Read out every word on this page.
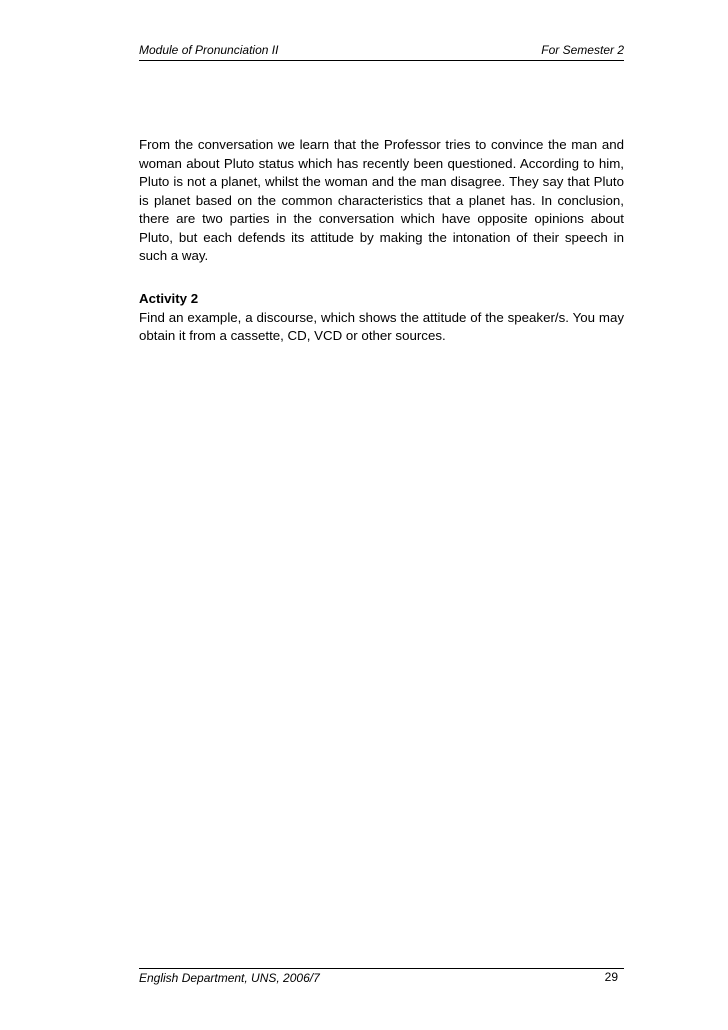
Module of Pronunciation II	For Semester 2

From the conversation we learn that the Professor tries to convince the man and woman about Pluto status which has recently been questioned. According to him, Pluto is not a planet, whilst the woman and the man disagree. They say that Pluto is planet based on the common characteristics that a planet has. In conclusion, there are two parties in the conversation which have opposite opinions about Pluto, but each defends its attitude by making the intonation of their speech in such a way.

Activity 2

Find an example, a discourse, which shows the attitude of the speaker/s. You may obtain it from a cassette, CD, VCD or other sources.

English Department, UNS, 2006/7	29
